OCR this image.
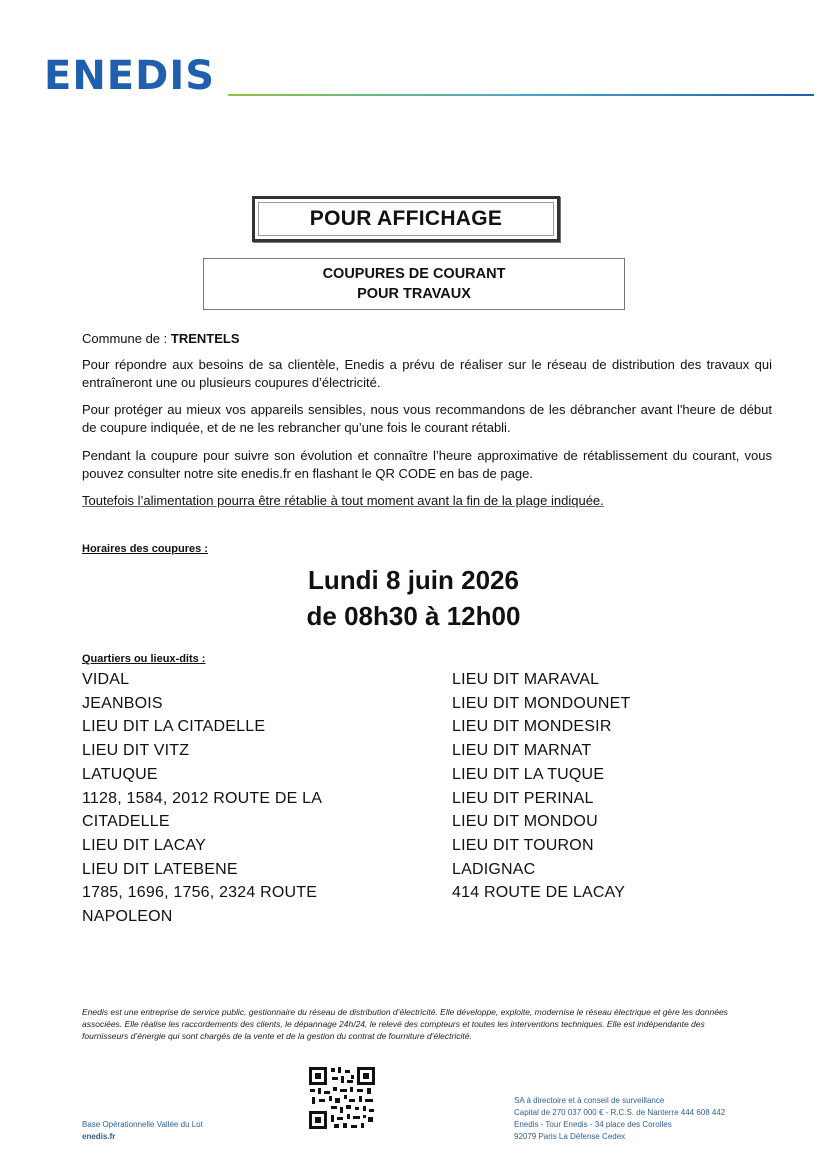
ENEDIS
POUR AFFICHAGE
COUPURES DE COURANT
POUR TRAVAUX
Commune de : TRENTELS
Pour répondre aux besoins de sa clientèle, Enedis a prévu de réaliser sur le réseau de distribution des travaux qui entraîneront une ou plusieurs coupures d’électricité.
Pour protéger au mieux vos appareils sensibles, nous vous recommandons de les débrancher avant l'heure de début de coupure indiquée, et de ne les rebrancher qu’une fois le courant rétabli.
Pendant la coupure pour suivre son évolution et connaître l’heure approximative de rétablissement du courant, vous pouvez consulter notre site enedis.fr en flashant le QR CODE en bas de page.
Toutefois l’alimentation pourra être rétablie à tout moment avant la fin de la plage indiquée.
Horaires des coupures :
Lundi 8 juin 2026
de 08h30 à 12h00
Quartiers ou lieux-dits :
VIDAL
JEANBOIS
LIEU DIT LA CITADELLE
LIEU DIT VITZ
LATUQUE
1128, 1584, 2012 ROUTE DE LA
CITADELLE
LIEU DIT LACAY
LIEU DIT LATEBENE
1785, 1696, 1756, 2324 ROUTE
NAPOLEON
LIEU DIT MARAVAL
LIEU DIT MONDOUNET
LIEU DIT MONDESIR
LIEU DIT MARNAT
LIEU DIT LA TUQUE
LIEU DIT PERINAL
LIEU DIT MONDOU
LIEU DIT TOURON
LADIGNAC
414 ROUTE DE LACAY
Enedis est une entreprise de service public, gestionnaire du réseau de distribution d’électricité. Elle développe, exploite, modernise le réseau électrique et gère les données associées. Elle réalise les raccordements des clients, le dépannage 24h/24, le relevé des compteurs et toutes les interventions techniques. Elle est indépendante des fournisseurs d’énergie qui sont chargés de la vente et de la gestion du contrat de fourniture d’électricité.
Base Opérationnelle Vallée du Lot
enedis.fr
SA à directoire et à conseil de surveillance
Capital de 270 037 000 € - R.C.S. de Nanterre 444 608 442
Enedis - Tour Enedis - 34 place des Corolles
92079 Paris La Défense Cedex
